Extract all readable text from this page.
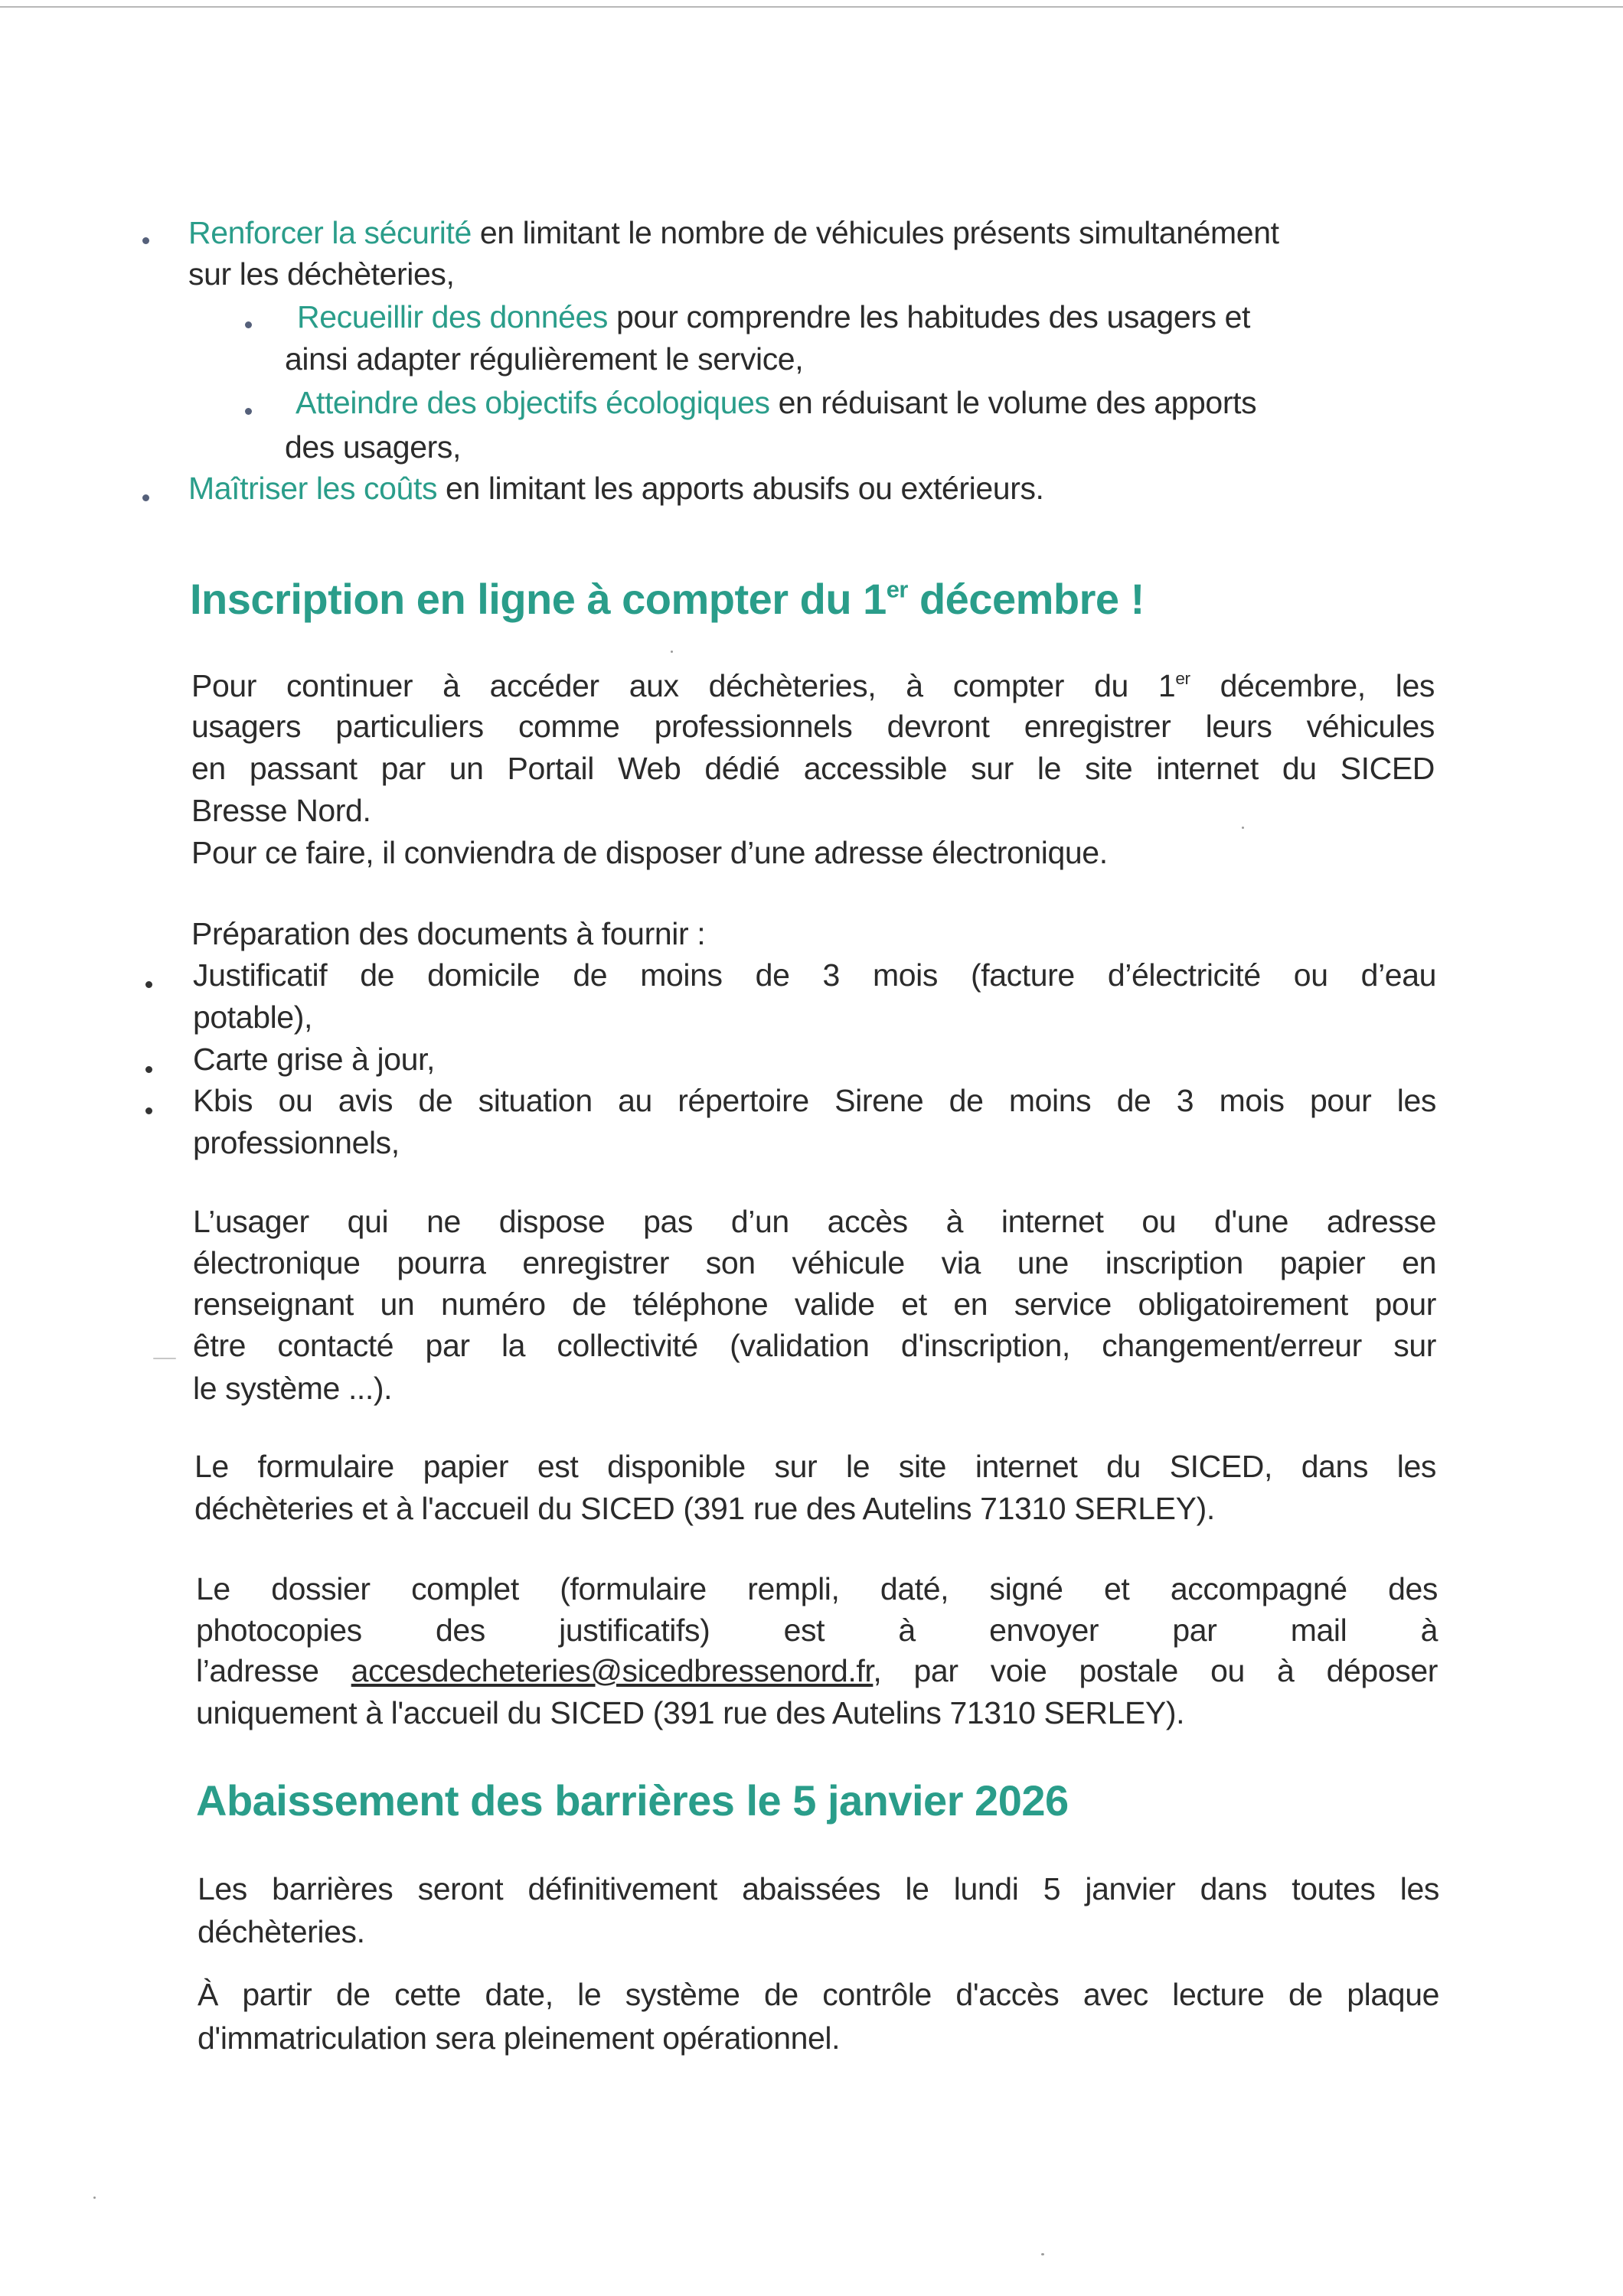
Renforcer la sécurité en limitant le nombre de véhicules présents simultanément
sur les déchèteries,
Recueillir des données pour comprendre les habitudes des usagers et
ainsi adapter régulièrement le service,
Atteindre des objectifs écologiques en réduisant le volume des apports
des usagers,
Maîtriser les coûts en limitant les apports abusifs ou extérieurs.
Inscription en ligne à compter du 1er décembre !
Pour continuer à accéder aux déchèteries, à compter du 1er décembre, les
usagers particuliers comme professionnels devront enregistrer leurs véhicules
en passant par un Portail Web dédié accessible sur le site internet du SICED
Bresse Nord.
Pour ce faire, il conviendra de disposer d’une adresse électronique.
Préparation des documents à fournir :
Justificatif de domicile de moins de 3 mois (facture d’électricité ou d’eau
potable),
Carte grise à jour,
Kbis ou avis de situation au répertoire Sirene de moins de 3 mois pour les
professionnels,
L’usager qui ne dispose pas d’un accès à internet ou d'une adresse
électronique pourra enregistrer son véhicule via une inscription papier en
renseignant un numéro de téléphone valide et en service obligatoirement pour
être contacté par la collectivité (validation d'inscription, changement/erreur sur
le système ...).
Le formulaire papier est disponible sur le site internet du SICED, dans les
déchèteries et à l'accueil du SICED (391 rue des Autelins 71310 SERLEY).
Le dossier complet (formulaire rempli, daté, signé et accompagné des
photocopies des justificatifs) est à envoyer par mail à
l’adresse accesdecheteries@sicedbressenord.fr, par voie postale ou à déposer
uniquement à l'accueil du SICED (391 rue des Autelins 71310 SERLEY).
Abaissement des barrières le 5 janvier 2026
Les barrières seront définitivement abaissées le lundi 5 janvier dans toutes les
déchèteries.
À partir de cette date, le système de contrôle d'accès avec lecture de plaque
d'immatriculation sera pleinement opérationnel.
